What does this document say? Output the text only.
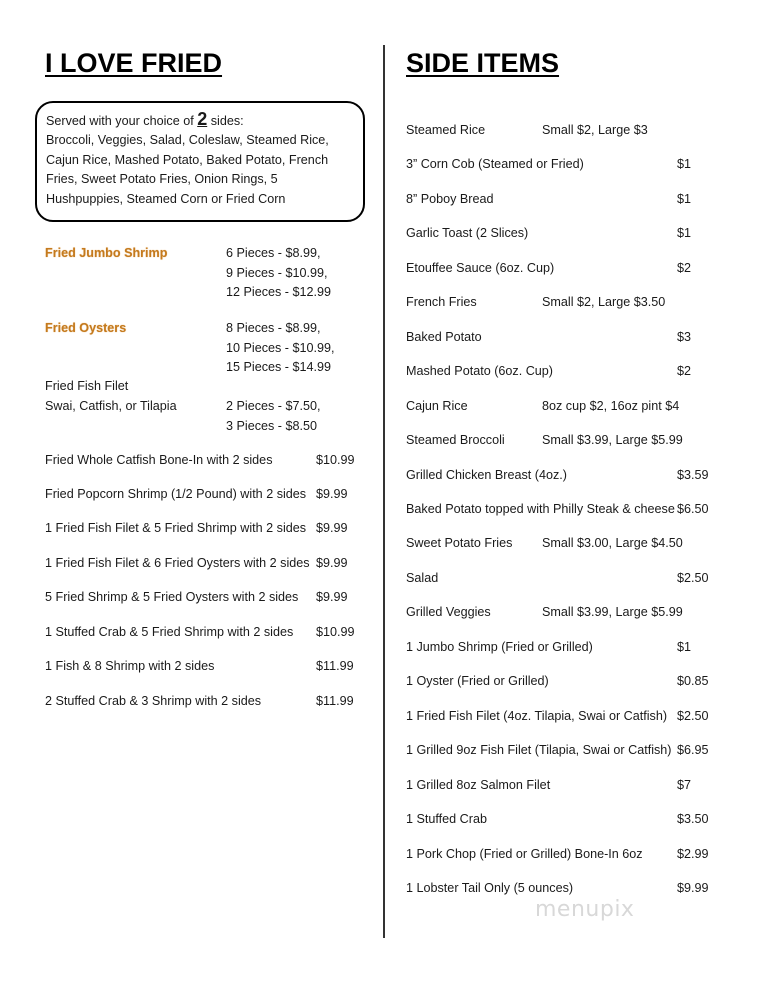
I LOVE FRIED
Served with your choice of 2 sides:
Broccoli, Veggies, Salad, Coleslaw, Steamed Rice, Cajun Rice, Mashed Potato, Baked Potato, French Fries, Sweet Potato Fries, Onion Rings, 5 Hushpuppies, Steamed Corn or Fried Corn
Fried Jumbo Shrimp	6 Pieces - $8.99,
9 Pieces - $10.99,
12 Pieces - $12.99
Fried Oysters	8 Pieces - $8.99,
10 Pieces - $10.99,
15 Pieces - $14.99
Fried Fish Filet
Swai, Catfish, or Tilapia	2 Pieces - $7.50,
3 Pieces - $8.50
Fried Whole Catfish Bone-In with 2 sides	$10.99
Fried Popcorn Shrimp (1/2 Pound) with 2 sides $9.99
1 Fried Fish Filet & 5 Fried Shrimp with 2 sides $9.99
1 Fried Fish Filet & 6 Fried Oysters with 2 sides $9.99
5 Fried Shrimp & 5 Fried Oysters with 2 sides $9.99
1 Stuffed Crab & 5 Fried Shrimp with 2 sides $10.99
1 Fish & 8 Shrimp with 2 sides	$11.99
2 Stuffed Crab & 3 Shrimp with 2 sides	$11.99
SIDE ITEMS
Steamed Rice	Small $2, Large $3
3” Corn Cob (Steamed or Fried)	$1
8” Poboy Bread	$1
Garlic Toast (2 Slices)	$1
Etouffee Sauce (6oz. Cup)	$2
French Fries	Small $2, Large $3.50
Baked Potato	$3
Mashed Potato (6oz. Cup)	$2
Cajun Rice	8oz cup $2, 16oz pint $4
Steamed Broccoli	Small $3.99, Large $5.99
Grilled Chicken Breast (4oz.)	$3.59
Baked Potato topped with Philly Steak & cheese $6.50
Sweet Potato Fries Small $3.00, Large $4.50
Salad	$2.50
Grilled Veggies	Small $3.99, Large $5.99
1 Jumbo Shrimp (Fried or Grilled)	$1
1 Oyster (Fried or Grilled)	$0.85
1 Fried Fish Filet (4oz. Tilapia, Swai or Catfish) $2.50
1 Grilled 9oz Fish Filet (Tilapia, Swai or Catfish) $6.95
1 Grilled 8oz Salmon Filet	$7
1 Stuffed Crab	$3.50
1 Pork Chop (Fried or Grilled) Bone-In 6oz	$2.99
1 Lobster Tail Only (5 ounces)	$9.99
menupix
